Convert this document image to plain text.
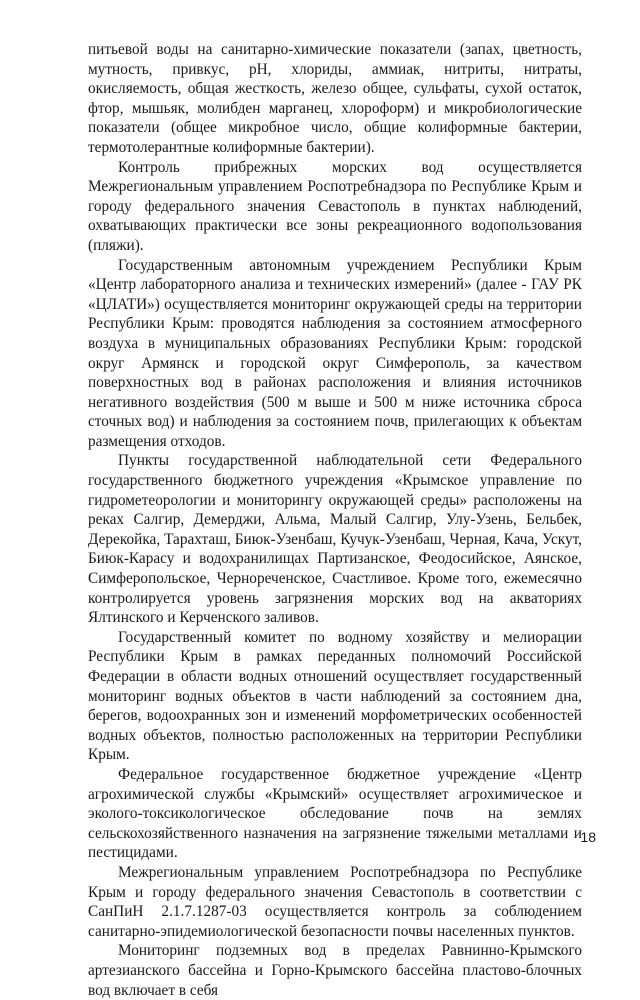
питьевой воды на санитарно-химические показатели (запах, цветность, мутность, привкус, pH, хлориды, аммиак, нитриты, нитраты, окисляемость, общая жесткость, железо общее, сульфаты, сухой остаток, фтор, мышьяк, молибден марганец, хлороформ) и микробиологические показатели (общее микробное число, общие колиформные бактерии, термотолерантные колиформные бактерии).

Контроль прибрежных морских вод осуществляется Межрегиональным управлением Роспотребнадзора по Республике Крым и городу федерального значения Севастополь в пунктах наблюдений, охватывающих практически все зоны рекреационного водопользования (пляжи).

Государственным автономным учреждением Республики Крым «Центр лабораторного анализа и технических измерений» (далее - ГАУ РК «ЦЛАТИ») осуществляется мониторинг окружающей среды на территории Республики Крым: проводятся наблюдения за состоянием атмосферного воздуха в муниципальных образованиях Республики Крым: городской округ Армянск и городской округ Симферополь, за качеством поверхностных вод в районах расположения и влияния источников негативного воздействия (500 м выше и 500 м ниже источника сброса сточных вод) и наблюдения за состоянием почв, прилегающих к объектам размещения отходов.

Пункты государственной наблюдательной сети Федерального государственного бюджетного учреждения «Крымское управление по гидрометеорологии и мониторингу окружающей среды» расположены на реках Салгир, Демерджи, Альма, Малый Салгир, Улу-Узень, Бельбек, Дерекойка, Тарахташ, Биюк-Узенбаш, Кучук-Узенбаш, Черная, Кача, Ускут, Биюк-Карасу и водохранилищах Партизанское, Феодосийское, Аянское, Симферопольское, Чернореченское, Счастливое. Кроме того, ежемесячно контролируется уровень загрязнения морских вод на акваториях Ялтинского и Керченского заливов.

Государственный комитет по водному хозяйству и мелиорации Республики Крым в рамках переданных полномочий Российской Федерации в области водных отношений осуществляет государственный мониторинг водных объектов в части наблюдений за состоянием дна, берегов, водоохранных зон и изменений морфометрических особенностей водных объектов, полностью расположенных на территории Республики Крым.

Федеральное государственное бюджетное учреждение «Центр агрохимической службы «Крымский» осуществляет агрохимическое и эколого-токсикологическое обследование почв на землях сельскохозяйственного назначения на загрязнение тяжелыми металлами и пестицидами.

Межрегиональным управлением Роспотребнадзора по Республике Крым и городу федерального значения Севастополь в соответствии с СанПиН 2.1.7.1287-03 осуществляется контроль за соблюдением санитарно-эпидемиологической безопасности почвы населенных пунктов.

Мониторинг подземных вод в пределах Равнинно-Крымского артезианского бассейна и Горно-Крымского бассейна пластово-блочных вод включает в себя

18
